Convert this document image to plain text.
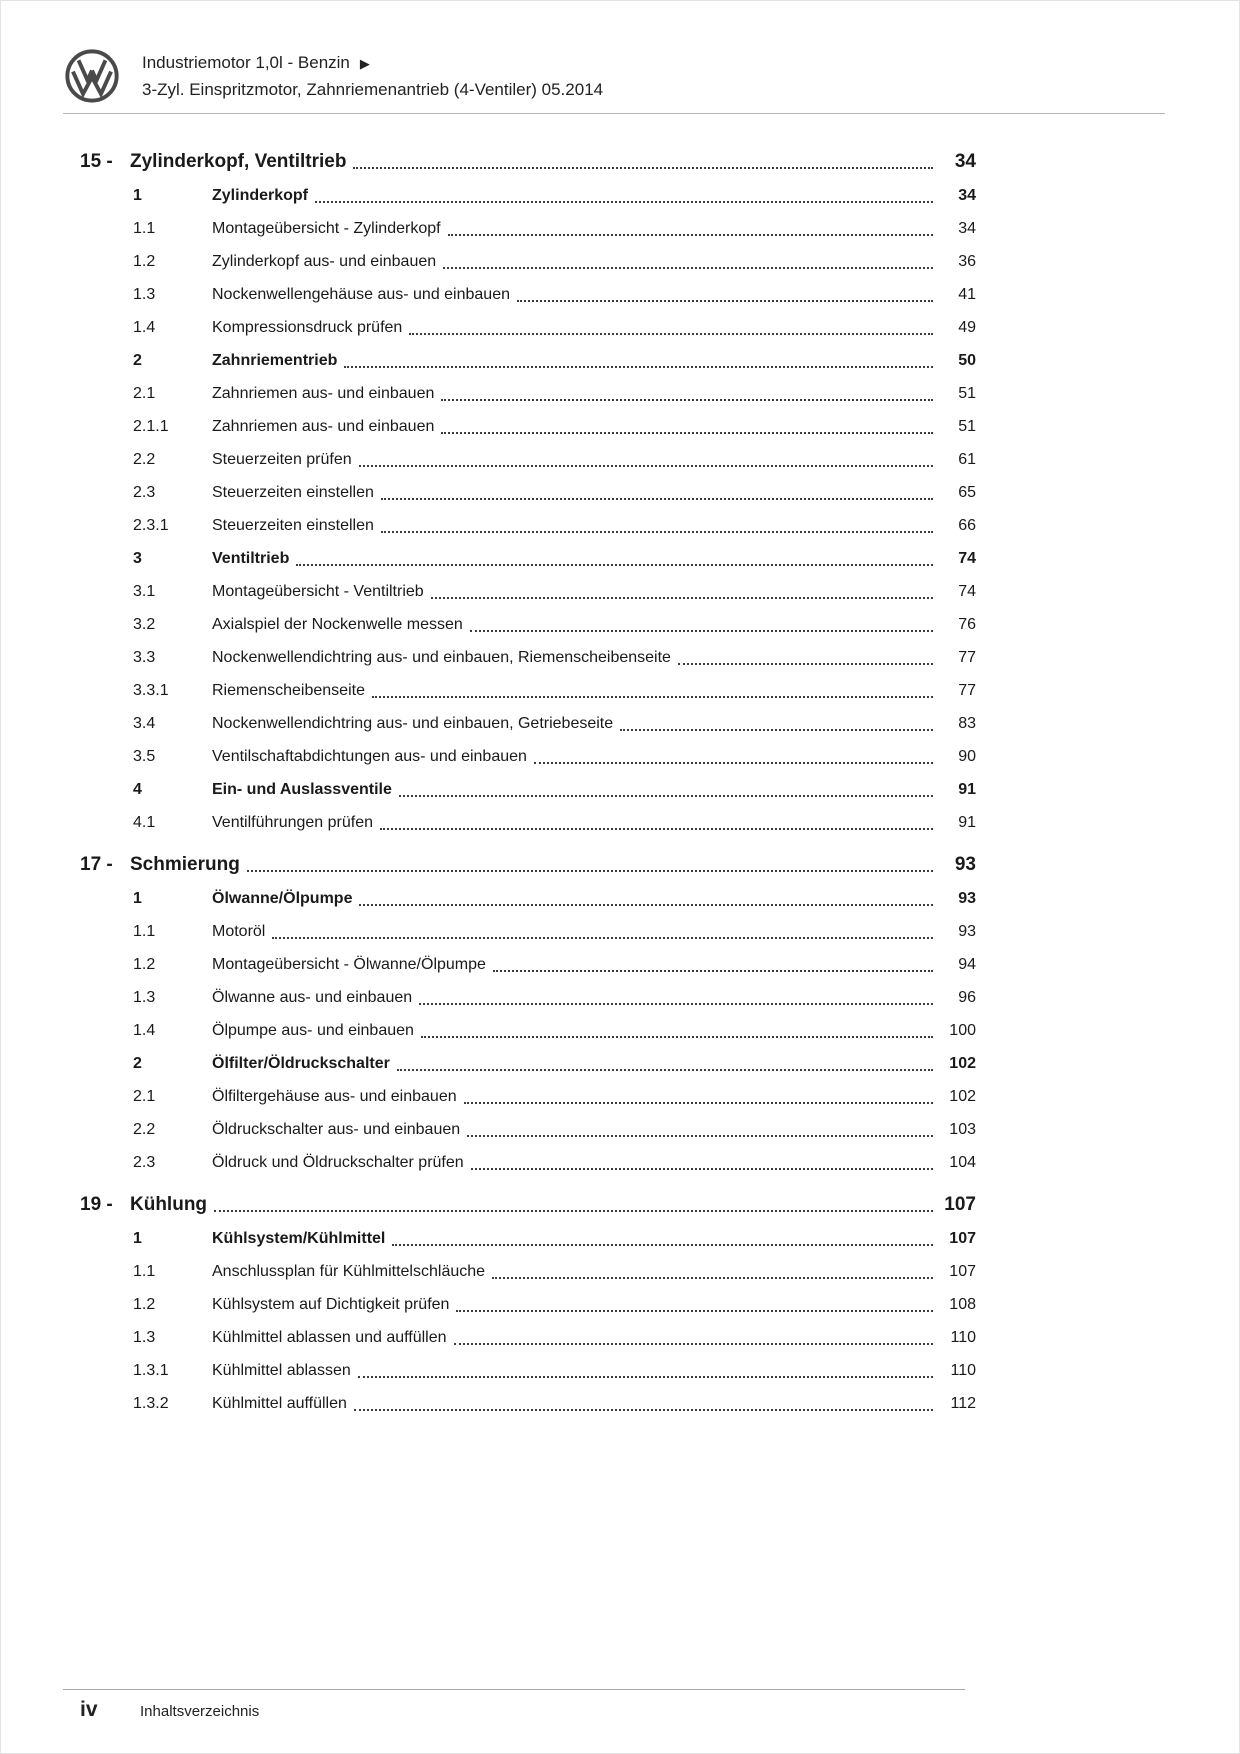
Industriemotor 1,0l - Benzin ▶
3-Zyl. Einspritzmotor, Zahnriemenantrieb (4-Ventiler) 05.2014
15 - Zylinderkopf, Ventiltrieb	34
1	Zylinderkopf	34
1.1	Montageübersicht - Zylinderkopf	34
1.2	Zylinderkopf aus- und einbauen	36
1.3	Nockenwellengehäuse aus- und einbauen	41
1.4	Kompressionsdruck prüfen	49
2	Zahnriementrieb	50
2.1	Zahnriemen aus- und einbauen	51
2.1.1	Zahnriemen aus- und einbauen	51
2.2	Steuerzeiten prüfen	61
2.3	Steuerzeiten einstellen	65
2.3.1	Steuerzeiten einstellen	66
3	Ventiltrieb	74
3.1	Montageübersicht - Ventiltrieb	74
3.2	Axialspiel der Nockenwelle messen	76
3.3	Nockenwellendichtring aus- und einbauen, Riemenscheibenseite	77
3.3.1	Riemenscheibenseite	77
3.4	Nockenwellendichtring aus- und einbauen, Getriebeseite	83
3.5	Ventilschaftabdichtungen aus- und einbauen	90
4	Ein- und Auslassventile	91
4.1	Ventilführungen prüfen	91
17 - Schmierung	93
1	Ölwanne/Ölpumpe	93
1.1	Motoröl	93
1.2	Montageübersicht - Ölwanne/Ölpumpe	94
1.3	Ölwanne aus- und einbauen	96
1.4	Ölpumpe aus- und einbauen	100
2	Ölfilter/Öldruckschalter	102
2.1	Ölfiltergehäuse aus- und einbauen	102
2.2	Öldruckschalter aus- und einbauen	103
2.3	Öldruck und Öldruckschalter prüfen	104
19 - Kühlung	107
1	Kühlsystem/Kühlmittel	107
1.1	Anschlussplan für Kühlmittelschläuche	107
1.2	Kühlsystem auf Dichtigkeit prüfen	108
1.3	Kühlmittel ablassen und auffüllen	110
1.3.1	Kühlmittel ablassen	110
1.3.2	Kühlmittel auffüllen	112
iv	Inhaltsverzeichnis
